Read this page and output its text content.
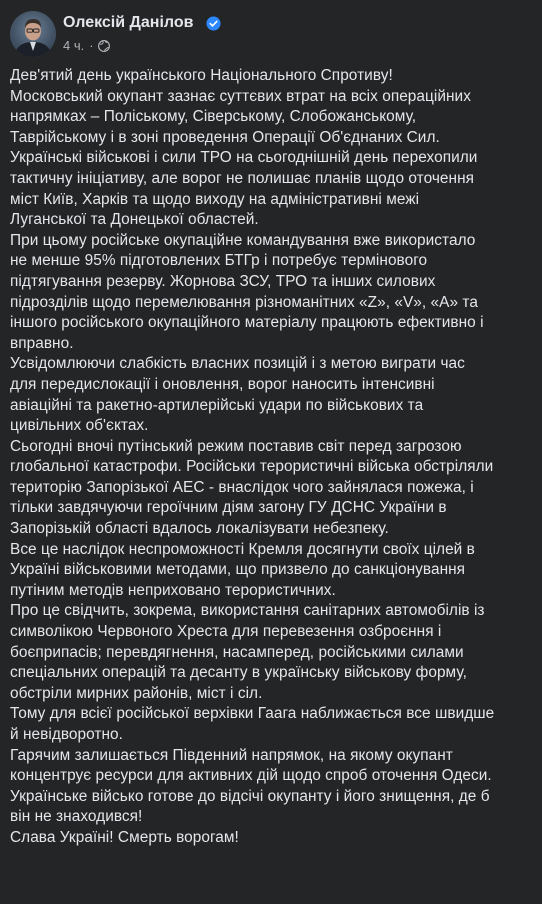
Олексій Данілов
4 ч. ·

Дев'ятий день українського Національного Спротиву!

Московський окупант зазнає суттєвих втрат на всіх операційних

напрямках – Поліському, Сіверському, Слобожанському,

Таврійському і в зоні проведення Операції Об'єднаних Сил.

Українські військові і сили ТРО на сьогоднішній день перехопили

тактичну ініціативу, але ворог не полишає планів щодо оточення

міст Київ, Харків та щодо виходу на адміністративні межі

Луганської та Донецької областей.

При цьому російське окупаційне командування вже використало

не менше 95% підготовлених БТГр і потребує термінового

підтягування резерву. Жорнова ЗСУ, ТРО та інших силових

підрозділів щодо перемелювання різноманітних «Z», «V», «A» та

іншого російського окупаційного матеріалу працюють ефективно і

вправно.

Усвідомлюючи слабкість власних позицій і з метою виграти час

для передислокації і оновлення, ворог наносить інтенсивні

авіаційні та ракетно-артилерійські удари по військових та

цивільних об'єктах.

Сьогодні вночі путінський режим поставив світ перед загрозою

глобальної катастрофи. Російськи терористичні війська обстріляли

територію Запорізької АЕС - внаслідок чого зайнялася пожежа, і

тільки завдячуючи героїчним діям загону ГУ ДСНС України в

Запорізькій області вдалось локалізувати небезпеку.

Все це наслідок неспроможності Кремля досягнути своїх цілей в

Україні військовими методами, що призвело до санкціонування

путіним методів неприховано терористичних.

Про це свідчить, зокрема, використання санітарних автомобілів із

символікою Червоного Хреста для перевезення озброєння і

боєприпасів; перевдягнення, насамперед, російськими силами

спеціальних операцій та десанту в українську військову форму,

обстріли мирних районів, міст і сіл.

Тому для всієї російської верхівки Гаага наближається все швидше

й невідворотно.

Гарячим залишається Південний напрямок, на якому окупант

концентрує ресурси для активних дій щодо спроб оточення Одеси.

Українське військо готове до відсічі окупанту і його знищення, де б

він не знаходився!

Слава Україні! Смерть ворогам!
